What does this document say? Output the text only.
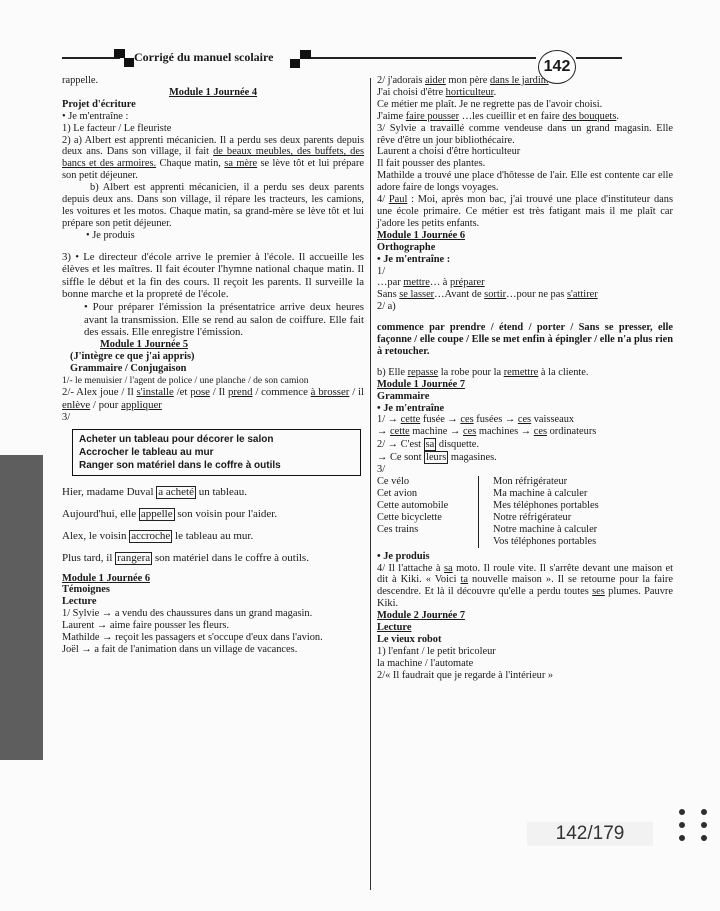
Corrigé du manuel scolaire
142

rappelle.

Module 1 Journée 4

Projet d'écriture

• Je m'entraîne :

1) Le facteur / Le fleuriste

2) a) Albert est apprenti mécanicien. Il a perdu ses deux parents depuis deux ans. Dans son village, il fait de beaux meubles, des buffets, des bancs et des armoires. Chaque matin, sa mère se lève tôt et lui prépare son petit déjeuner.

b) Albert est apprenti mécanicien, il a perdu ses deux parents depuis deux ans. Dans son village, il répare les tracteurs, les camions, les voitures et les motos. Chaque matin, sa grand-mère se lève tôt et lui prépare son petit déjeuner.

• Je produis

3) • Le directeur d'école arrive le premier à l'école. Il accueille les élèves et les maîtres. Il fait écouter l'hymne national chaque matin. Il siffle le début et la fin des cours. Il reçoit les parents. Il surveille la bonne marche et la propreté de l'école.

• Pour préparer l'émission la présentatrice arrive deux heures avant la transmission. Elle se rend au salon de coiffure. Elle fait des essais. Elle enregistre l'émission.

Module 1 Journée 5

(J'intègre ce que j'ai appris)

Grammaire / Conjugaison

1/- le menuisier / l'agent de police / une planche / de son camion

2/- Alex joue / Il s'installe /et pose / Il prend / commence à brosser / il enlève / pour appliquer

3/

Acheter un tableau pour décorer le salon
Accrocher le tableau au mur
Ranger son matériel dans le coffre à outils

Hier, madame Duval a acheté un tableau.

Aujourd'hui, elle appelle son voisin pour l'aider.

Alex, le voisin accroche le tableau au mur.

Plus tard, il rangera son matériel dans le coffre à outils.

Module 1 Journée 6

Témoignes

Lecture

1/ Sylvie → a vendu des chaussures dans un grand magasin.

Laurent → aime faire pousser les fleurs.

Mathilde → reçoit les passagers et s'occupe d'eux dans l'avion.

Joël → a fait de l'animation dans un village de vacances.

2/ j'adorais aider mon père dans le jardin.

J'ai choisi d'être horticulteur.

Ce métier me plaît. Je ne regrette pas de l'avoir choisi.

J'aime faire pousser …les cueillir et en faire des bouquets.

3/ Sylvie a travaillé comme vendeuse dans un grand magasin. Elle rêve d'être un jour bibliothécaire.

Laurent a choisi d'être horticulteur

Il fait pousser des plantes.

Mathilde a trouvé une place d'hôtesse de l'air. Elle est contente car elle adore faire de longs voyages.

4/ Paul : Moi, après mon bac, j'ai trouvé une place d'instituteur dans une école primaire. Ce métier est très fatigant mais il me plaît car j'adore les petits enfants.

Module 1 Journée 6

Orthographe

• Je m'entraîne :

1/

…par mettre… à préparer

Sans se lasser…Avant de sortir…pour ne pas s'attirer

2/ a)

commence par prendre / étend / porter / Sans se presser, elle façonne / elle coupe / Elle se met enfin à épingler / elle n'a plus rien à retoucher.

b) Elle repasse la robe pour la remettre à la cliente.

Module 1 Journée 7

Grammaire

• Je m'entraîne

1/ → cette fusée → ces fusées → ces vaisseaux

→ cette machine → ces machines → ces ordinateurs

2/ → C'est sa disquette.

→ Ce sont leurs magasines.

3/

Ce vélo
Cet avion
Cette automobile
Cette bicyclette
Ces trains

Mon réfrigérateur
Ma machine à calculer
Mes téléphones portables
Notre réfrigérateur
Notre machine à calculer
Vos téléphones portables

• Je produis

4/ Il l'attache à sa moto. Il roule vite. Il s'arrête devant une maison et dit à Kiki. « Voici ta nouvelle maison ». Il se retourne pour la faire descendre. Et là il découvre qu'elle a perdu toutes ses plumes. Pauvre Kiki.

Module 2 Journée 7

Lecture

Le vieux robot

1) l'enfant / le petit bricoleur

la machine / l'automate

2/« Il faudrait que je regarde à l'intérieur »

142/179
